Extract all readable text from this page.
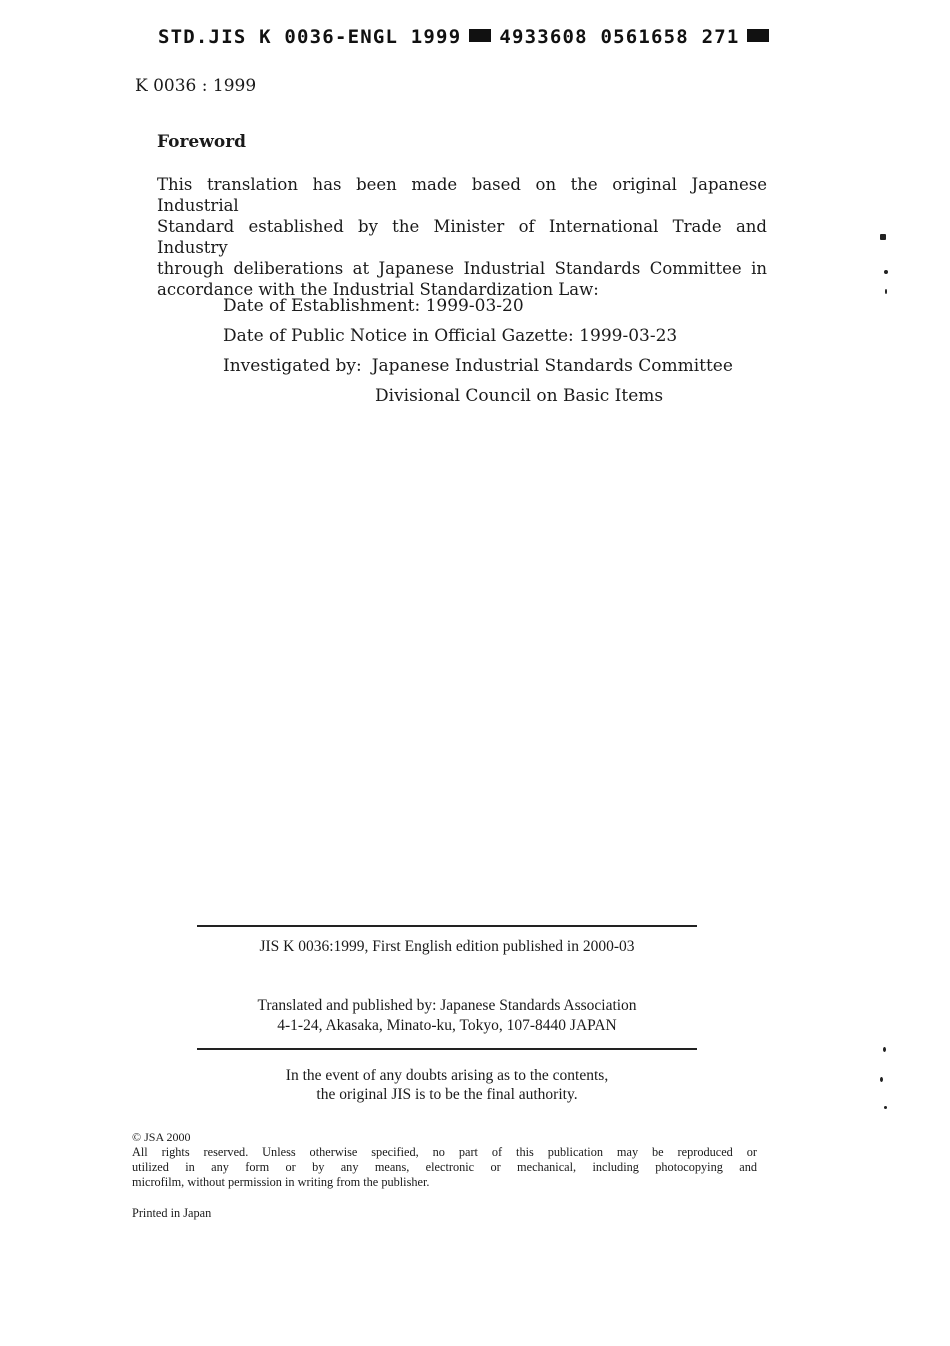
STD.JIS K 0036-ENGL 1999 4933608 0561658 271
K 0036 : 1999
Foreword
This translation has been made based on the original Japanese Industrial
Standard established by the Minister of International Trade and Industry
through deliberations at Japanese Industrial Standards Committee in
accordance with the Industrial Standardization Law:
Date of Establishment: 1999-03-20
Date of Public Notice in Official Gazette: 1999-03-23
Investigated by: Japanese Industrial Standards Committee
Divisional Council on Basic Items
JIS K 0036:1999, First English edition published in 2000-03
Translated and published by: Japanese Standards Association
4-1-24, Akasaka, Minato-ku, Tokyo, 107-8440 JAPAN
In the event of any doubts arising as to the contents,
the original JIS is to be the final authority.
© JSA 2000
All rights reserved. Unless otherwise specified, no part of this publication may be reproduced or
utilized in any form or by any means, electronic or mechanical, including photocopying and
microfilm, without permission in writing from the publisher.
Printed in Japan
